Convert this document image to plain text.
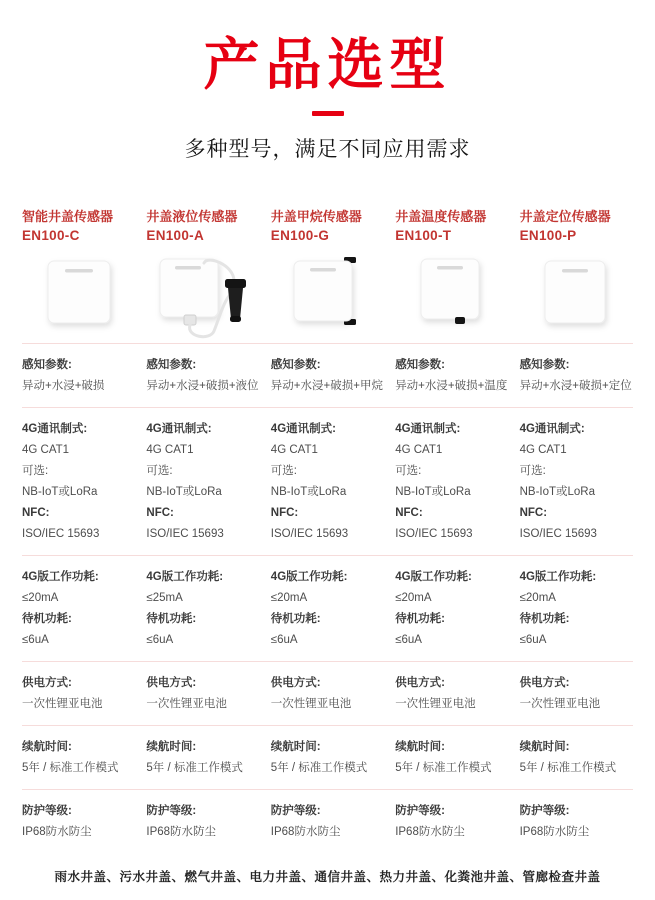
产品选型
多种型号，满足不同应用需求
智能井盖传感器
EN100-C
井盖液位传感器
EN100-A
井盖甲烷传感器
EN100-G
井盖温度传感器
EN100-T
井盖定位传感器
EN100-P
感知参数:
异动+水浸+破损
感知参数:
异动+水浸+破损+液位
感知参数:
异动+水浸+破损+甲烷
感知参数:
异动+水浸+破损+温度
感知参数:
异动+水浸+破损+定位
4G通讯制式:
4G CAT1
可选:
NB-IoT或LoRa
NFC:
ISO/IEC 15693
4G通讯制式:
4G CAT1
可选:
NB-IoT或LoRa
NFC:
ISO/IEC 15693
4G通讯制式:
4G CAT1
可选:
NB-IoT或LoRa
NFC:
ISO/IEC 15693
4G通讯制式:
4G CAT1
可选:
NB-IoT或LoRa
NFC:
ISO/IEC 15693
4G通讯制式:
4G CAT1
可选:
NB-IoT或LoRa
NFC:
ISO/IEC 15693
4G版工作功耗:
≤20mA
待机功耗:
≤6uA
4G版工作功耗:
≤25mA
待机功耗:
≤6uA
4G版工作功耗:
≤20mA
待机功耗:
≤6uA
4G版工作功耗:
≤20mA
待机功耗:
≤6uA
4G版工作功耗:
≤20mA
待机功耗:
≤6uA
供电方式:
一次性锂亚电池
供电方式:
一次性锂亚电池
供电方式:
一次性锂亚电池
供电方式:
一次性锂亚电池
供电方式:
一次性锂亚电池
续航时间:
5年 / 标准工作模式
续航时间:
5年 / 标准工作模式
续航时间:
5年 / 标准工作模式
续航时间:
5年 / 标准工作模式
续航时间:
5年 / 标准工作模式
防护等级:
IP68防水防尘
防护等级:
IP68防水防尘
防护等级:
IP68防水防尘
防护等级:
IP68防水防尘
防护等级:
IP68防水防尘
雨水井盖、污水井盖、燃气井盖、电力井盖、通信井盖、热力井盖、化粪池井盖、管廊检查井盖
